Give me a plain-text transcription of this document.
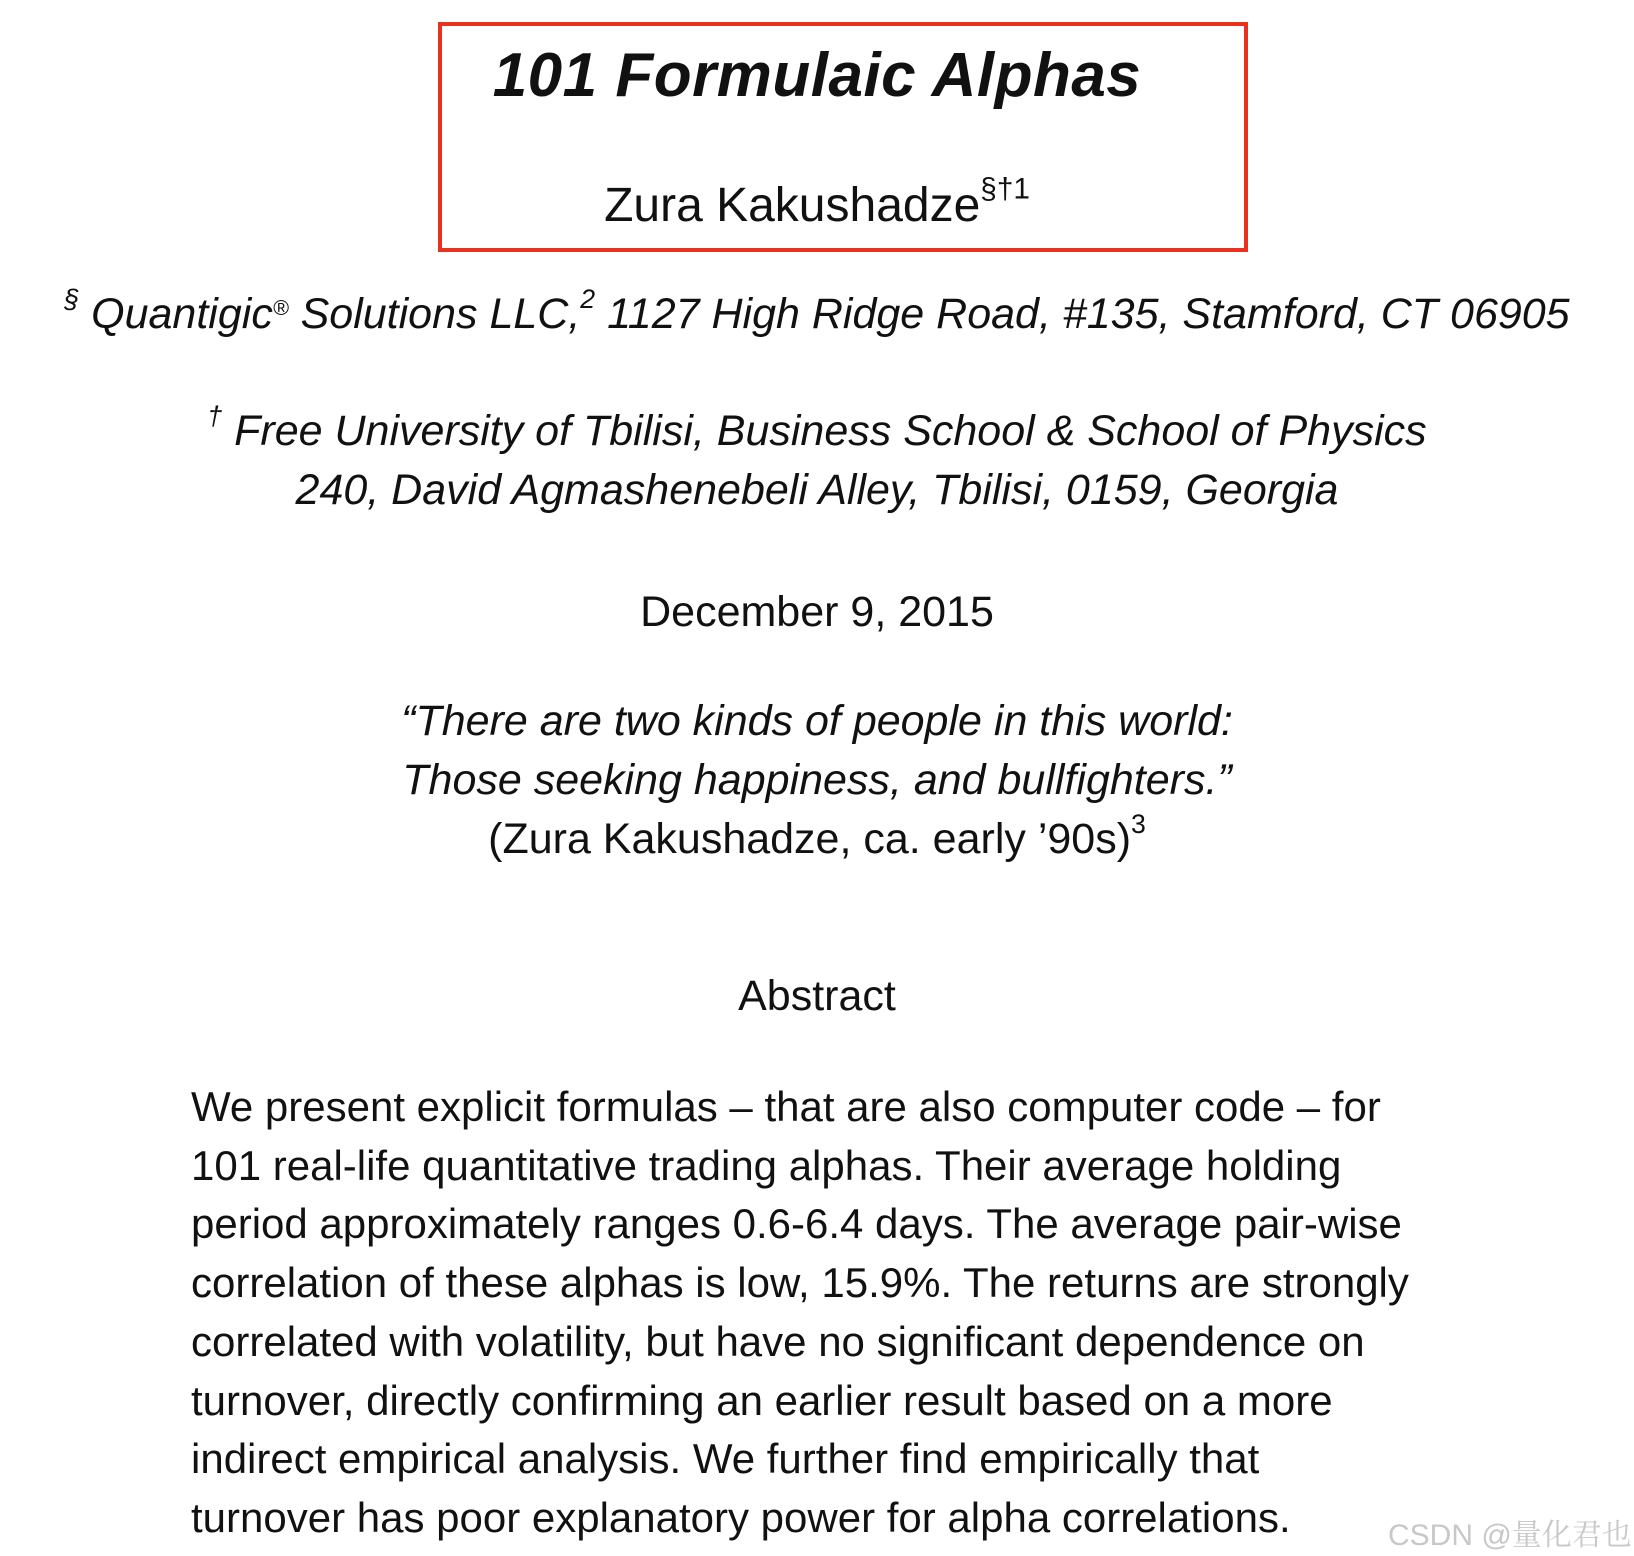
101 Formulaic Alphas
Zura Kakushadze$^{\S\dagger 1}$
§ Quantigic® Solutions LLC,$^2$ 1127 High Ridge Road, #135, Stamford, CT 06905
† Free University of Tbilisi, Business School & School of Physics
240, David Agmashenebeli Alley, Tbilisi, 0159, Georgia
December 9, 2015
“There are two kinds of people in this world:
Those seeking happiness, and bullfighters.”
(Zura Kakushadze, ca. early ’90s)$^3$
Abstract
We present explicit formulas – that are also computer code – for
101 real-life quantitative trading alphas. Their average holding
period approximately ranges 0.6-6.4 days. The average pair-wise
correlation of these alphas is low, 15.9%. The returns are strongly
correlated with volatility, but have no significant dependence on
turnover, directly confirming an earlier result based on a more
indirect empirical analysis. We further find empirically that
turnover has poor explanatory power for alpha correlations.	CSDN @量化君也
